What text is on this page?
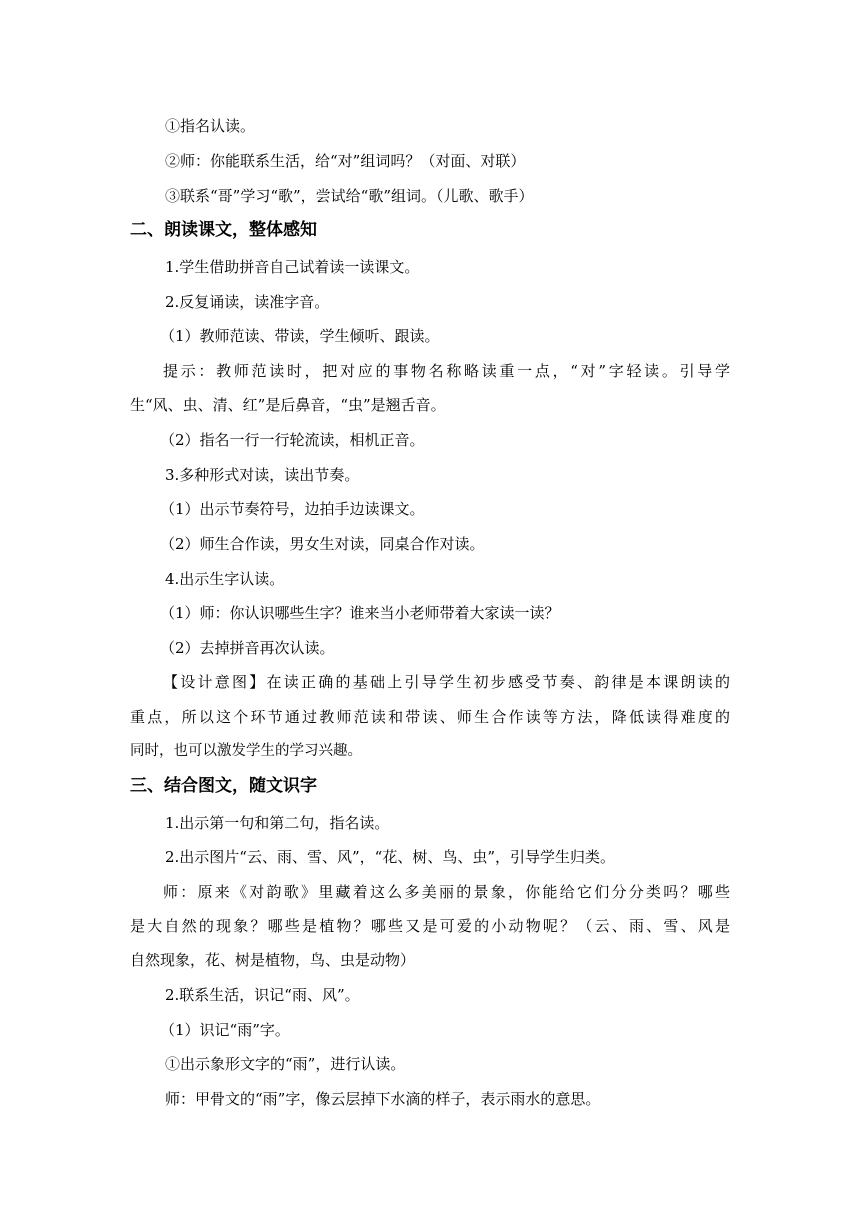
①指名认读。
②师：你能联系生活，给“对”组词吗？（对面、对联）
③联系“哥”学习“歌”，尝试给“歌”组词。（儿歌、歌手）
二、朗读课文，整体感知
1.学生借助拼音自己试着读一读课文。
2.反复诵读，读准字音。
（1）教师范读、带读，学生倾听、跟读。
提示：教师范读时，把对应的事物名称略读重一点，“对”字轻读。引导学
生“风、虫、清、红”是后鼻音，“虫”是翘舌音。
（2）指名一行一行轮流读，相机正音。
3.多种形式对读，读出节奏。
（1）出示节奏符号，边拍手边读课文。
（2）师生合作读，男女生对读，同桌合作对读。
4.出示生字认读。
（1）师：你认识哪些生字？谁来当小老师带着大家读一读？
（2）去掉拼音再次认读。
【设计意图】在读正确的基础上引导学生初步感受节奏、韵律是本课朗读的
重点，所以这个环节通过教师范读和带读、师生合作读等方法，降低读得难度的
同时，也可以激发学生的学习兴趣。
三、结合图文，随文识字
1.出示第一句和第二句，指名读。
2.出示图片“云、雨、雪、风”，“花、树、鸟、虫”，引导学生归类。
师：原来《对韵歌》里藏着这么多美丽的景象，你能给它们分分类吗？哪些
是大自然的现象？哪些是植物？哪些又是可爱的小动物呢？（云、雨、雪、风是
自然现象，花、树是植物，鸟、虫是动物）
2.联系生活，识记“雨、风”。
（1）识记“雨”字。
①出示象形文字的“雨”，进行认读。
师：甲骨文的“雨”字，像云层掉下水滴的样子，表示雨水的意思。
